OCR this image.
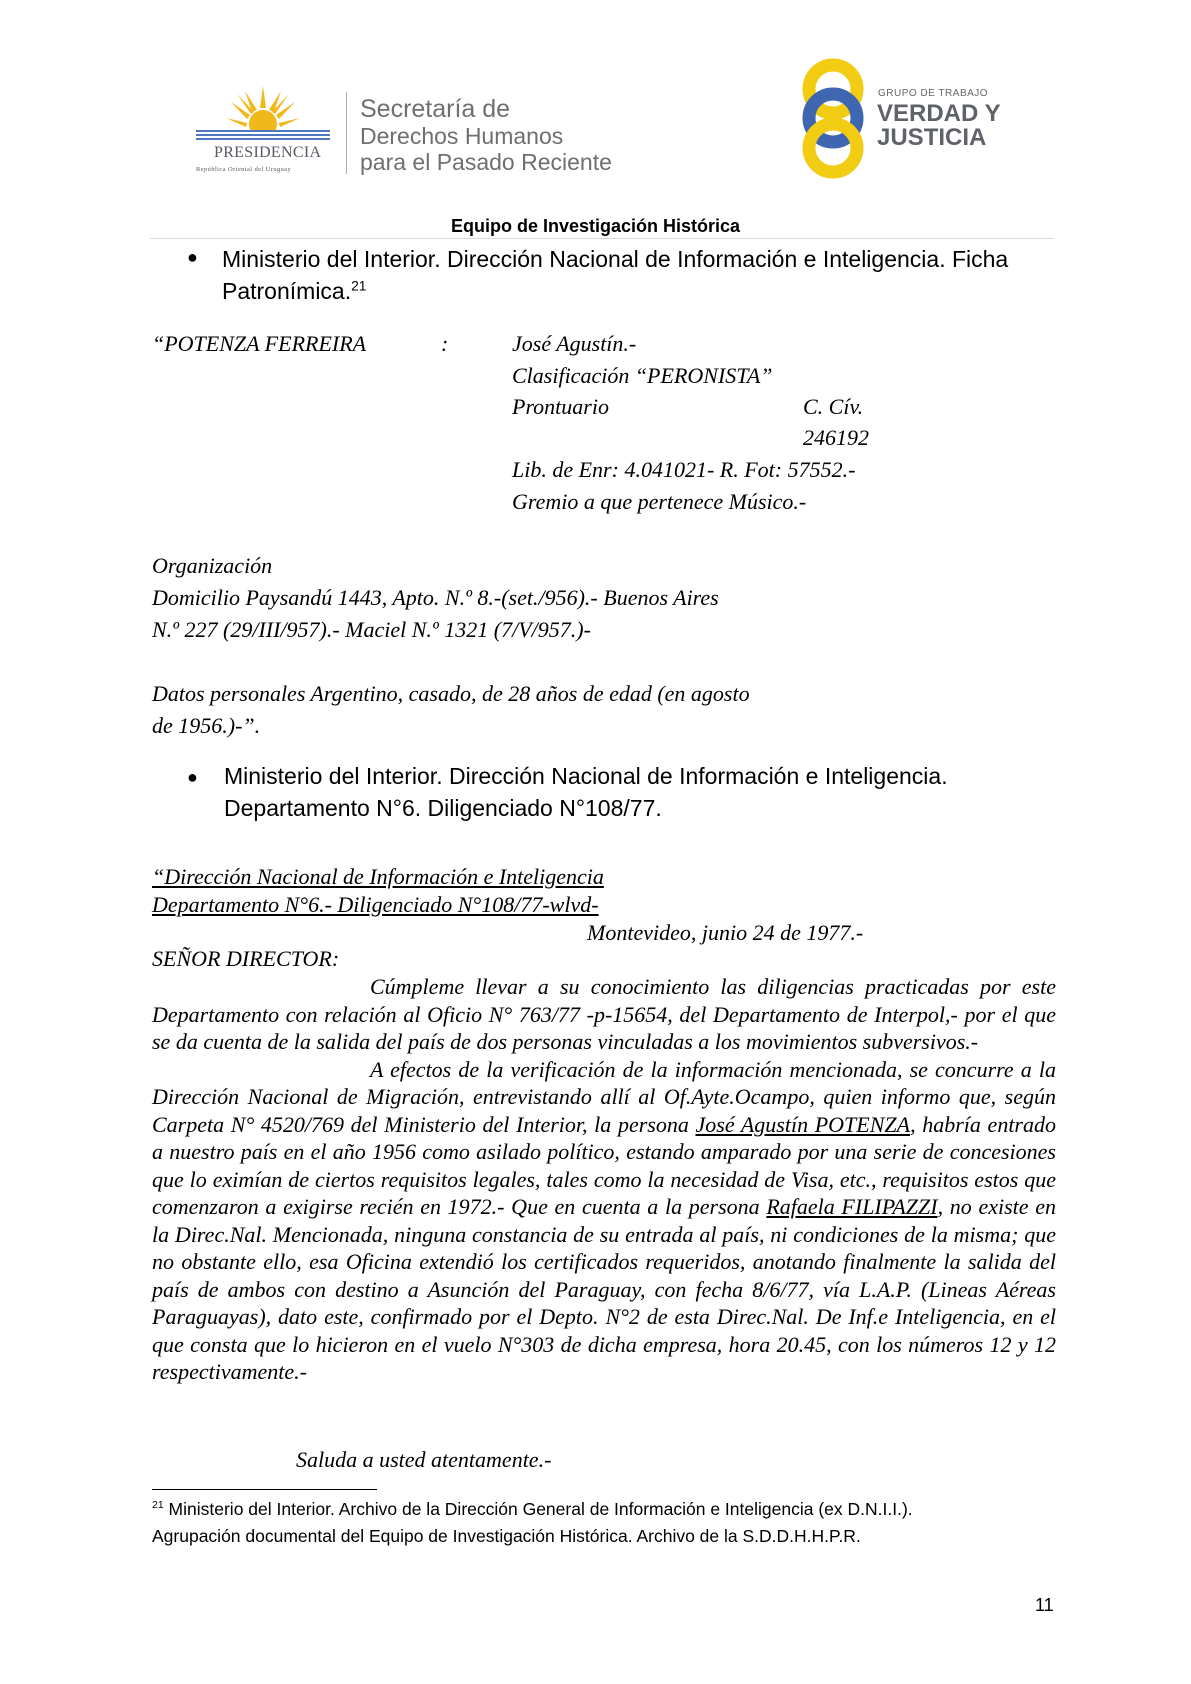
PRESIDENCIA
República Oriental del Uruguay
Secretaría de
Derechos Humanos
para el Pasado Reciente
GRUPO DE TRABAJO
VERDAD Y
JUSTICIA
Equipo de Investigación Histórica
● Ministerio del Interior. Dirección Nacional de Información e Inteligencia. Ficha
Patronímica.$^{21}$
“POTENZA FERREIRA	:	José Agustín.-
Clasificación “PERONISTA”
Prontuario	C. Cív.
246192
Lib. de Enr: 4.041021- R. Fot: 57552.-
Gremio a que pertenece Músico.-
Organización
Domicilio Paysandú 1443, Apto. N.º 8.-(set./956).- Buenos Aires
N.º 227 (29/III/957).- Maciel N.º 1321 (7/V/957.)-
Datos personales Argentino, casado, de 28 años de edad (en agosto
de 1956.)-”.
● Ministerio del Interior. Dirección Nacional de Información e Inteligencia.
Departamento N°6. Diligenciado N°108/77.
“Dirección Nacional de Información e Inteligencia
Departamento N°6.- Diligenciado N°108/77-wlvd-
Montevideo, junio 24 de 1977.-
SEÑOR DIRECTOR:

Cúmpleme llevar a su conocimiento las diligencias practicadas por este Departamento con relación al Oficio N° 763/77 -p-15654, del Departamento de Interpol,- por el que se da cuenta de la salida del país de dos personas vinculadas a los movimientos subversivos.-

A efectos de la verificación de la información mencionada, se concurre a la Dirección Nacional de Migración, entrevistando allí al Of.Ayte.Ocampo, quien informo que, según Carpeta N° 4520/769 del Ministerio del Interior, la persona José Agustín POTENZA, habría entrado a nuestro país en el año 1956 como asilado político, estando amparado por una serie de concesiones que lo eximían de ciertos requisitos legales, tales como la necesidad de Visa, etc., requisitos estos que comenzaron a exigirse recién en 1972.- Que en cuenta a la persona Rafaela FILIPAZZI, no existe en la Direc.Nal. Mencionada, ninguna constancia de su entrada al país, ni condiciones de la misma; que no obstante ello, esa Oficina extendió los certificados requeridos, anotando finalmente la salida del país de ambos con destino a Asunción del Paraguay, con fecha 8/6/77, vía L.A.P. (Lineas Aéreas Paraguayas), dato este, confirmado por el Depto. N°2 de esta Direc.Nal. De Inf.e Inteligencia, en el que consta que lo hicieron en el vuelo N°303 de dicha empresa, hora 20.45, con los números 12 y 12 respectivamente.-

Saluda a usted atentamente.-
$^{21}$ Ministerio del Interior. Archivo de la Dirección General de Información e Inteligencia (ex D.N.I.I.).
Agrupación documental del Equipo de Investigación Histórica. Archivo de la S.D.D.H.H.P.R.
11
